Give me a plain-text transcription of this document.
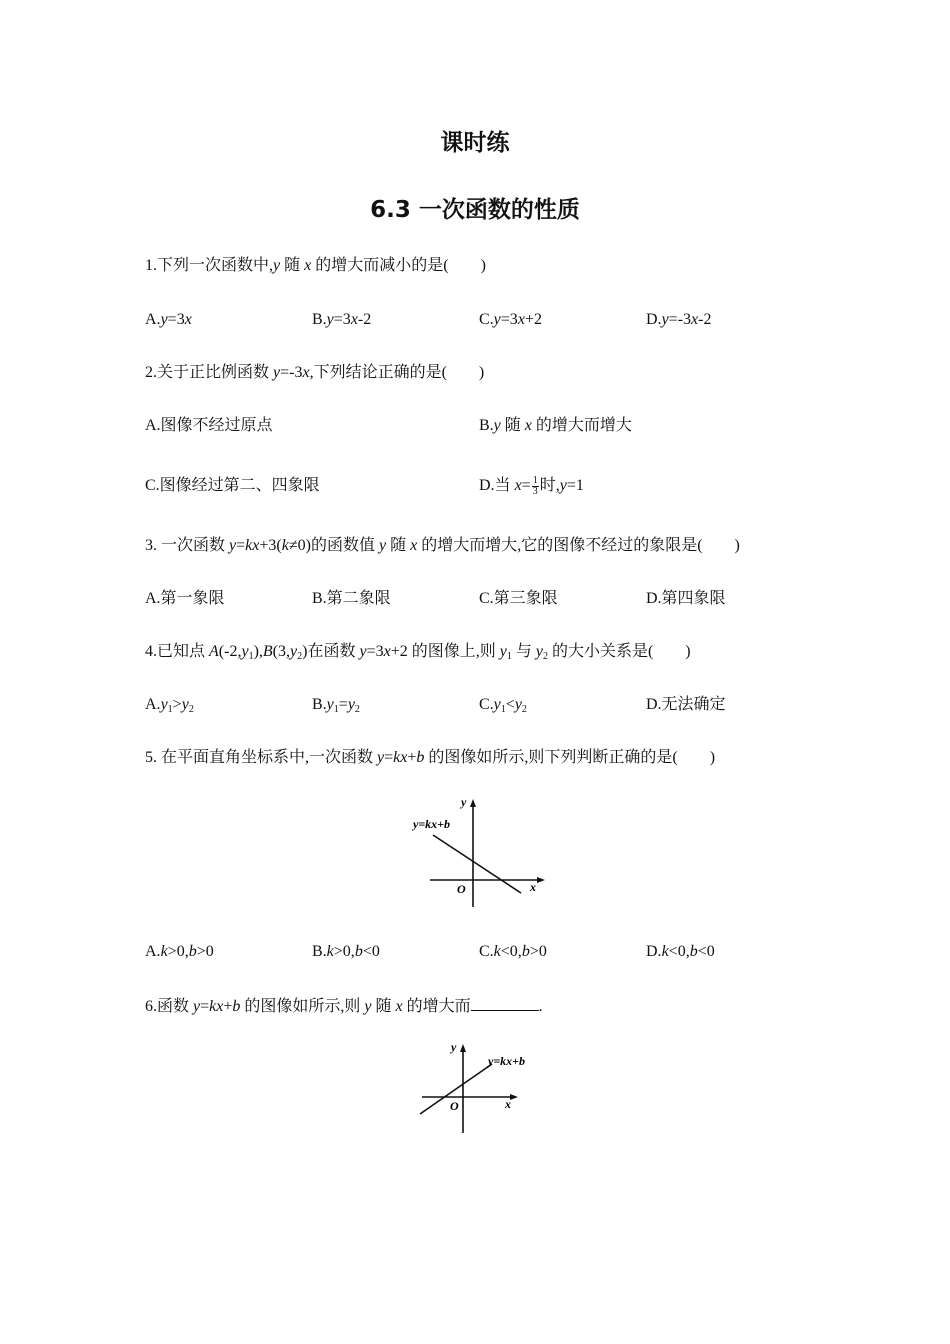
课时练
6.3 一次函数的性质
1.下列一次函数中,y 随 x 的增大而减小的是(　　)
A.y=3x	B.y=3x-2	C.y=3x+2	D.y=-3x-2
2.关于正比例函数 y=-3x,下列结论正确的是(　　)
A.图像不经过原点	B.y 随 x 的增大而增大
C.图像经过第二、四象限	D.当 $x= \frac{1}{3}$ 时,y=1
3. 一次函数 y=kx+3(k≠0)的函数值 y 随 x 的增大而增大,它的图像不经过的象限是(　　)
A.第一象限	B.第二象限	C.第三象限	D.第四象限
4.已知点 $A(-2,y_1),B(3,y_2)$在函数 y=3x+2 的图像上,则 $y_1$ 与 $y_2$ 的大小关系是(　　)
$A.y_1>y_2$	$B.y_1=y_2$	$C.y_1<y_2$	D.无法确定
5. 在平面直角坐标系中,一次函数 y=kx+b 的图像如所示,则下列判断正确的是(　　)
y=kx+b
y
x
O
A.k>0,b>0	B.k>0,b<0	C.k<0,b>0	D.k<0,b<0
6.函数 y=kx+b 的图像如所示,则 y 随 x 的增大而	.
y=kx+b
y
x
O
